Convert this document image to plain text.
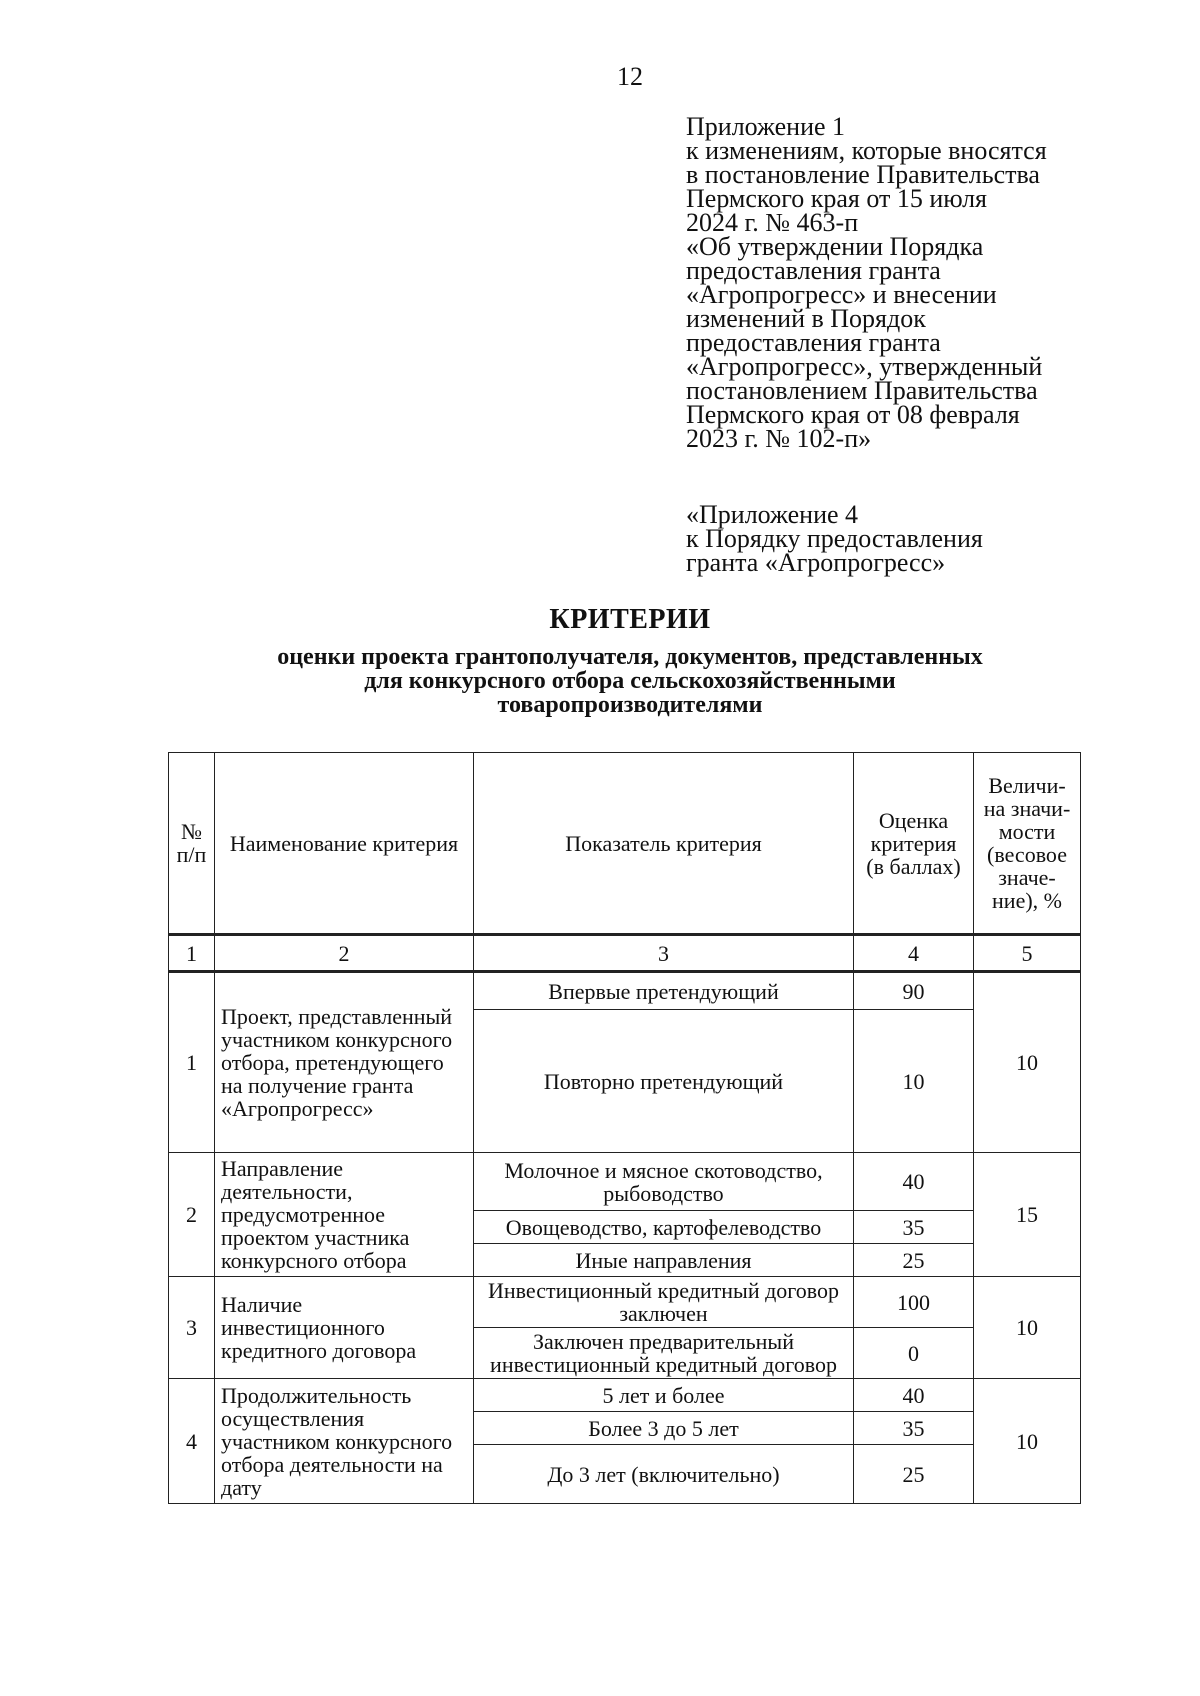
12
Приложение 1
к изменениям, которые вносятся
в постановление Правительства
Пермского края от 15 июля
2024 г. № 463-п
«Об утверждении Порядка
предоставления гранта
«Агропрогресс» и внесении
изменений в Порядок
предоставления гранта
«Агропрогресс», утвержденный
постановлением Правительства
Пермского края от 08 февраля
2023 г. № 102-п»
«Приложение 4
к Порядку предоставления
гранта «Агропрогресс»
КРИТЕРИИ
оценки проекта грантополучателя, документов, представленных
для конкурсного отбора сельскохозяйственными
товаропроизводителями
№ п/п	Наименование критерия	Показатель критерия	Оценка критерия (в баллах)	Величи-на значи-мости (весовое значе-ние), %
1	2	3	4	5
1	Проект, представленный участником конкурсного отбора, претендующего на получение гранта «Агропрогресс»	Впервые претендующий	90	10
		Повторно претендующий	10	
2	Направление деятельности, предусмотренное проектом участника конкурсного отбора	Молочное и мясное скотоводство, рыбоводство	40	15
		Овощеводство, картофелеводство	35	
		Иные направления	25	
3	Наличие инвестиционного кредитного договора	Инвестиционный кредитный договор заключен	100	10
		Заключен предварительный инвестиционный кредитный договор	0	
4	Продолжительность осуществления участником конкурсного отбора деятельности на дату	5 лет и более	40	10
		Более 3 до 5 лет	35	
		До 3 лет (включительно)	25	
